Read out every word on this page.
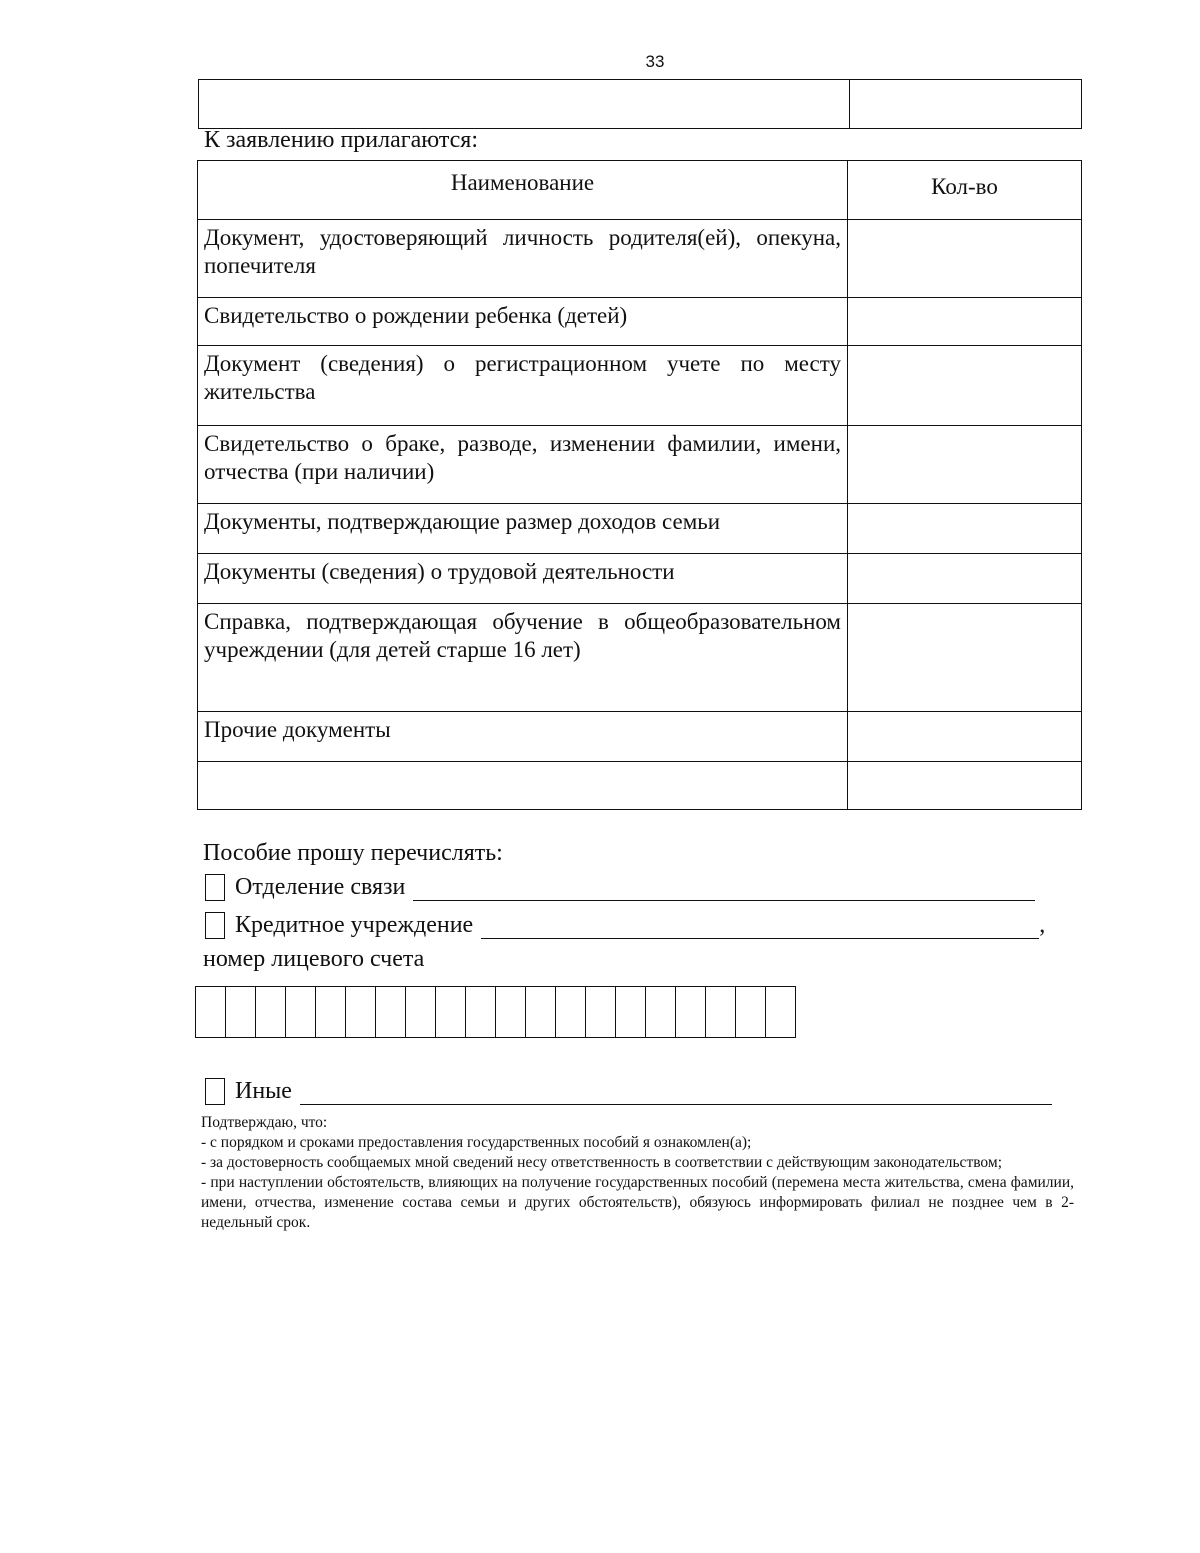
33
К заявлению прилагаются:
Наименование	Кол-во
Документ, удостоверяющий личность родителя(ей), опекуна, попечителя	
Свидетельство о рождении ребенка (детей)	
Документ (сведения) о регистрационном учете по месту жительства	
Свидетельство о браке, разводе, изменении фамилии, имени, отчества (при наличии)	
Документы, подтверждающие размер доходов семьи	
Документы (сведения) о трудовой деятельности	
Справка, подтверждающая обучение в общеобразовательном учреждении (для детей старше 16 лет)	
Прочие документы	

Пособие прошу перечислять:
Отделение связи
Кредитное учреждение	,
номер лицевого счета
Иные

Подтверждаю, что:

- с порядком и сроками предоставления государственных пособий я ознакомлен(а);

- за достоверность сообщаемых мной сведений несу ответственность в соответствии с действующим законодательством;

- при наступлении обстоятельств, влияющих на получение государственных пособий (перемена места жительства, смена фамилии, имени, отчества, изменение состава семьи и других обстоятельств), обязуюсь информировать филиал не позднее чем в 2-недельный срок.
